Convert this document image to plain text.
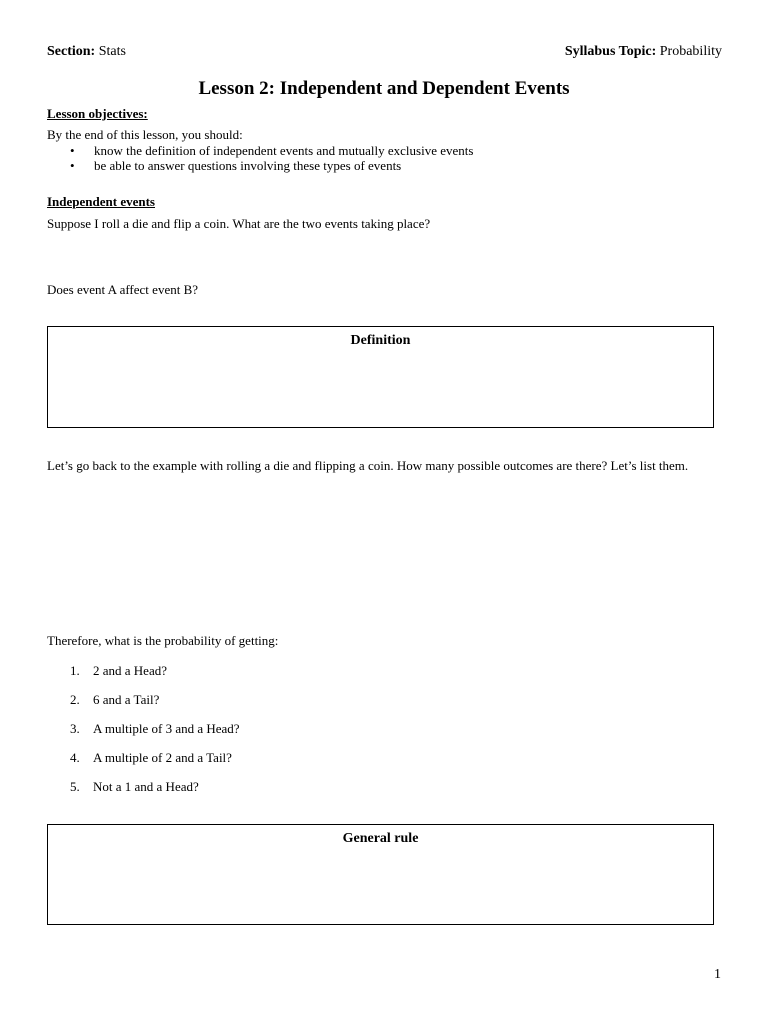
Section: Stats	Syllabus Topic: Probability
Lesson 2: Independent and Dependent Events
Lesson objectives:
By the end of this lesson, you should:
• know the definition of independent events and mutually exclusive events
• be able to answer questions involving these types of events
Independent events
Suppose I roll a die and flip a coin. What are the two events taking place?
Does event A affect event B?
Definition
Let’s go back to the example with rolling a die and flipping a coin. How many possible outcomes are there? Let’s list them.
Therefore, what is the probability of getting:
1. 2 and a Head?
2. 6 and a Tail?
3. A multiple of 3 and a Head?
4. A multiple of 2 and a Tail?
5. Not a 1 and a Head?
General rule
1
